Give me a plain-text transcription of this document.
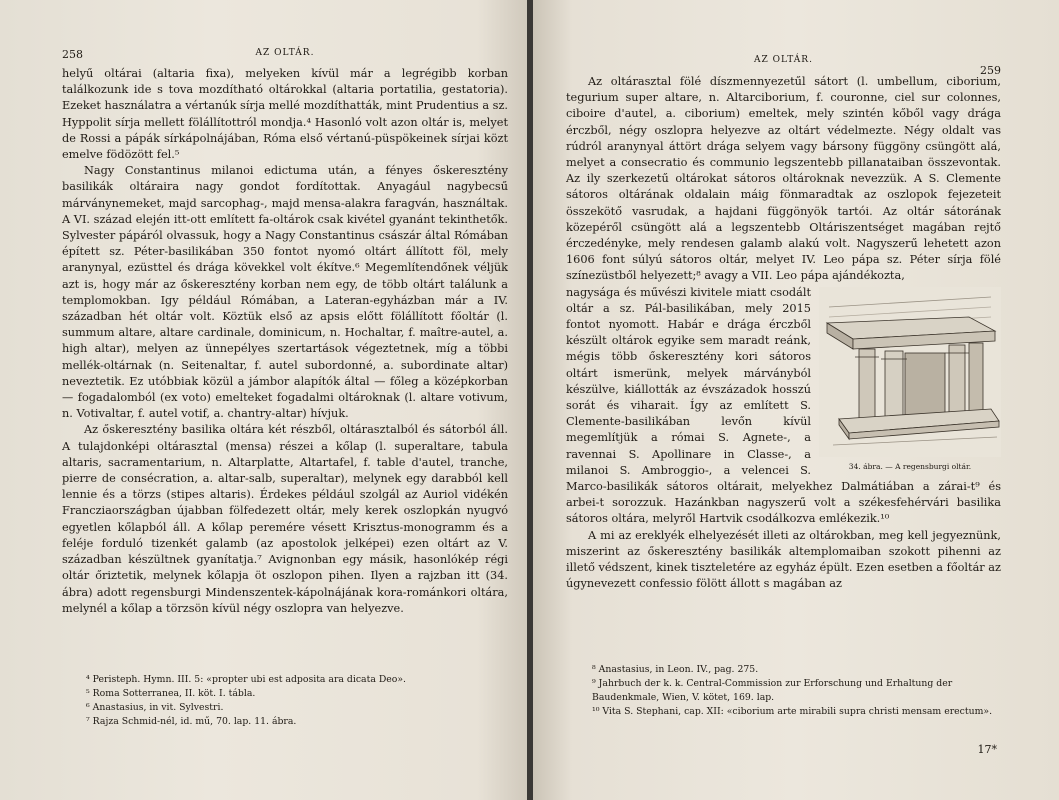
258	AZ OLTÁR.

helyű oltárai (altaria fixa), melyeken kívül már a legrégibb korban találkozunk ide s tova mozdítható oltárokkal (altaria portatilia, gestatoria). Ezeket használatra a vértanúk sírja mellé mozdíthatták, mint Prudentius a sz. Hyppolit sírja mellett fölállítottról mondja.⁴ Hasonló volt azon oltár is, melyet de Rossi a pápák sírkápolnájában, Róma első vértanú-püspökeinek sírjai közt emelve födözött fel.⁵

Nagy Constantinus milanoi edictuma után, a fényes őskeresztény basilikák oltáraira nagy gondot fordítottak. Anyagául nagybecsű márványnemeket, majd sarcophag-, majd mensa-alakra faragván, használtak. A VI. század elején itt-ott említett fa-oltárok csak kivétel gyanánt tekinthetők. Sylvester pápáról olvassuk, hogy a Nagy Constantinus császár által Rómában épített sz. Péter-basilikában 350 fontot nyomó oltárt állított föl, mely aranynyal, ezüsttel és drága kövekkel volt ékítve.⁶ Megemlítendőnek véljük azt is, hogy már az őskeresztény korban nem egy, de több oltárt találunk a templomokban. Igy például Rómában, a Lateran-egyházban már a IV. században hét oltár volt. Köztük első az apsis előtt fölállított főoltár (l. summum altare, altare cardinale, dominicum, n. Hochaltar, f. maître-autel, a. high altar), melyen az ünnepélyes szertartások végeztetnek, míg a többi mellék-oltárnak (n. Seitenaltar, f. autel subordonné, a. subordinate altar) neveztetik. Ez utóbbiak közül a jámbor alapítók által — főleg a középkorban — fogadalomból (ex voto) emelteket fogadalmi oltároknak (l. altare votivum, n. Votivaltar, f. autel votif, a. chantry-altar) hívjuk.

Az őskeresztény basilika oltára két részből, oltárasztalból és sátorból áll. A tulajdonképi oltárasztal (mensa) részei a kőlap (l. superaltare, tabula altaris, sacramentarium, n. Altarplatte, Altartafel, f. table d'autel, tranche, pierre de consécration, a. altar-salb, superaltar), melynek egy darabból kell lennie és a törzs (stipes altaris). Érdekes például szolgál az Auriol vidékén Francziaországban újabban fölfedezett oltár, mely kerek oszlopkán nyugvó egyetlen kőlapból áll. A kőlap peremére vésett Krisztus-monogramm és a feléje forduló tizenkét galamb (az apostolok jelképei) ezen oltárt az V. században készültnek gyanítatja.⁷ Avignonban egy másik, hasonlókép régi oltár őriztetik, melynek kőlapja öt oszlopon pihen. Ilyen a rajzban itt (34. ábra) adott regensburgi Mindenszentek-kápolnájának kora-románkori oltára, melynél a kőlap a törzsön kívül négy oszlopra van helyezve.

⁴ Peristeph. Hymn. III. 5: «propter ubi est adposita ara dicata Deo».

⁵ Roma Sotterranea, II. köt. I. tábla.

⁶ Anastasius, in vit. Sylvestri.

⁷ Rajza Schmid-nél, id. mű, 70. lap. 11. ábra.

AZ OLTÁR.
259

Az oltárasztal fölé díszmennyezetűl sátort (l. umbellum, ciborium, tegurium super altare, n. Altarciborium, f. couronne, ciel sur colonnes, ciboire d'autel, a. ciborium) emeltek, mely szintén kőből vagy drága érczből, négy oszlopra helyezve az oltárt védelmezte. Négy oldalt vas rúdról aranynyal áttört drága selyem vagy bársony függöny csüngött alá, melyet a consecratio és communio legszentebb pillanataiban összevontak. Az ily szerkezetű oltárokat sátoros oltároknak nevezzük. A S. Clemente sátoros oltárának oldalain máig fönmaradtak az oszlopok fejezeteit összekötő vasrudak, a hajdani függönyök tartói. Az oltár sátorának közepéről csüngött alá a legszentebb Oltáriszentséget magában rejtő érczedényke, mely rendesen galamb alakú volt. Nagyszerű lehetett azon 1606 font súlyú sátoros oltár, melyet IV. Leo pápa sz. Péter sírja fölé színezüstből helyezett;⁸ avagy a VII. Leo pápa ajándékozta,

34. ábra. — A regensburgi oltár.

nagysága és művészi kivitele miatt csodált oltár a sz. Pál-basilikában, mely 2015 fontot nyomott. Habár e drága érczből készült oltárok egyike sem maradt reánk, mégis több őskeresztény kori sátoros oltárt ismerünk, melyek márványból készülve, kiállották az évszázadok hosszú sorát és viharait. Így az említett S. Clemente-basilikában levőn kívül megemlítjük a római S. Agnete-, a ravennai S. Apollinare in Classe-, a milanoi S. Ambroggio-, a velencei S. Marco-basilikák sátoros oltárait, melyekhez Dalmátiában a zárai-t⁹ és arbei-t sorozzuk. Hazánkban nagyszerű volt a székesfehérvári basilika sátoros oltára, melyről Hartvik csodálkozva emlékezik.¹⁰

A mi az ereklyék elhelyezését illeti az oltárokban, meg kell jegyeznünk, miszerint az őskeresztény basilikák altemplomaiban szokott pihenni az illető védszent, kinek tiszteletére az egyház épült. Ezen esetben a főoltár az úgynevezett confessio fölött állott s magában az

⁸ Anastasius, in Leon. IV., pag. 275.

⁹ Jahrbuch der k. k. Central-Commission zur Erforschung und Erhaltung der Baudenkmale, Wien, V. kötet, 169. lap.

¹⁰ Vita S. Stephani, cap. XII: «ciborium arte mirabili supra christi mensam erectum».

17*
